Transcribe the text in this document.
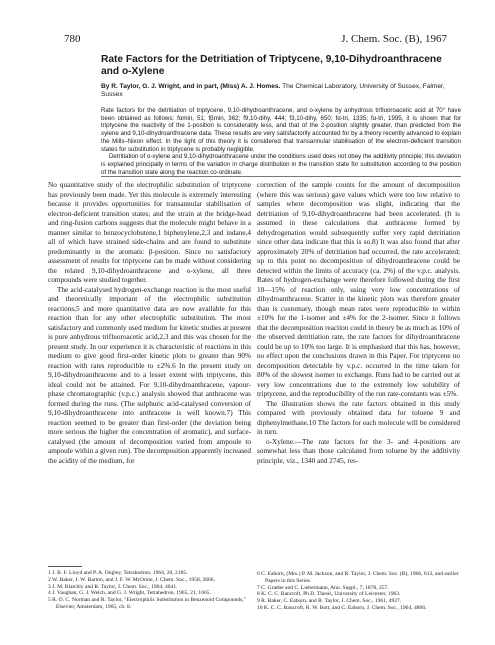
780	J. Chem. Soc. (B), 1967
Rate Factors for the Detritiation of Triptycene, 9,10-Dihydroanthracene and o-Xylene
By R. Taylor, G. J. Wright, and in part, (Miss) A. J. Homes. The Chemical Laboratory, University of Sussex, Falmer, Sussex

Rate factors for the detritiation of triptycene, 9,10-dihydroanthracene, and o-xylene by anhydrous trifluoroacetic acid at 70° have been obtained as follows: fαmin, 51; fβmin, 362; f9,10-dihy, 444; f3,10-dihy, 650; fα-tri, 1335; fα-tri, 1995, it is shown that for triptycene the reactivity of the 1-position is considerably less, and that of the 2-position slightly greater, than predicted from the xylene and 9,10-dihydroanthracene data. These results are very satisfactorily accounted for by a theory recently advanced to explain the Mills–Nixon effect. In the light of this theory it is considered that transannular stabilisation of the electron-deficient transition states for substitution in triptycene is probably negligible.

Detritiation of o-xylene and 9,10-dihydroanthracene under the conditions used does not obey the additivity principle; this deviation is explained principally in terms of the variation in charge distribution in the transition state for substitution according to the position of the transition state along the reaction co-ordinate.

No quantitative study of the electrophilic substitution of triptycene has previously been made. Yet this molecule is extremely interesting because it provides opportunities for transannular stabilisation of electron-deficient transition states; and the strain at the bridge-head and ring-fusion carbons suggests that the molecule might behave in a manner similar to benzocyclobutene,1 biphenylene,2,3 and indane,4 all of which have strained side-chains and are found to substitute predominantly in the aromatic β-position. Since no satisfactory assessment of results for triptycene can be made without considering the related 9,10-dihydroanthracene and o-xylene, all three compounds were studied together.

The acid-catalysed hydrogen-exchange reaction is the most useful and theoretically important of the electrophilic substitution reactions,5 and more quantitative data are now available for this reaction than for any other electrophilic substitution. The most satisfactory and commonly used medium for kinetic studies at present is pure anhydrous trifluoroacetic acid,2,3 and this was chosen for the present study. In our experience it is characteristic of reactions in this medium to give good first-order kinetic plots to greater than 90% reaction with rates reproducible to ±2%.6 In the present study on 9,10-dihydroanthracene and to a lesser extent with triptycene, this ideal could not be attained. For 9,10-dihydroanthracene, vapour-phase chromatographic (v.p.c.) analysis showed that anthracene was formed during the runs. (The sulphuric acid-catalysed conversion of 9,10-dihydroanthracene into anthracene is well known.7) This reaction seemed to be greater than first-order (the deviation being more serious the higher the concentration of aromatic), and surface-catalysed (the amount of decomposition varied from ampoule to ampoule within a given run). The decomposition apparently increased the acidity of the medium, for

correction of the sample counts for the amount of decomposition (where this was serious) gave values which were too low relative to samples where decomposition was slight, indicating that the detritiation of 9,10-dihydroanthracene had been accelerated. (It is assumed in these calculations that anthracene formed by dehydrogenation would subsequently suffer very rapid detritiation since other data indicate that this is so.8) It was also found that after approximately 20% of detritiation had occurred, the rate accelerated; up to this point no decomposition of dihydroanthracene could be detected within the limits of accuracy (ca. 2%) of the v.p.c. analysis. Rates of hydrogen-exchange were therefore followed during the first 10—15% of reaction only, using very low concentrations of dihydroanthracene. Scatter in the kinetic plots was therefore greater than is customary, though mean rates were reproducible to within ±10% for the 1-isomer and ±4% for the 2-isomer. Since it follows that the decomposition reaction could in theory be as much as 10% of the observed detritiation rate, the rate factors for dihydroanthracene could be up to 10% too large. It is emphasised that this has, however, no effect upon the conclusions drawn in this Paper. For triptycene no decomposition detectable by v.p.c. occurred in the time taken for 80% of the slowest isomer to exchange. Runs had to be carried out at very low concentrations due to the extremely low solubility of triptycene, and the reproducibility of the run rate-constants was ±5%.

The illustration shows the rate factors obtained in this study compared with previously obtained data for toluene 9 and diphenylmethane.10 The factors for each molecule will be considered in turn.

o-Xylene.—The rate factors for the 3- and 4-positions are somewhat less than those calculated from toluene by the additivity principle, viz., 1340 and 2745, res-

1 J. B. F. Lloyd and P. A. Ongley, Tetrahedron, 1964, 20, 2185.
2 W. Baker, J. W. Barton, and J. F. W. McOmie, J. Chem. Soc., 1958, 2666.
3 J. M. Blatchly and R. Taylor, J. Chem. Soc., 1964, 4641.
4 J. Vaughan, G. J. Welch, and G. J. Wright, Tetrahedron, 1965, 21, 1665.
5 R. O. C. Norman and R. Taylor, "Electrophilic Substitution in Benzenoid Compounds," Elsevier, Amsterdam, 1965, ch. 8.
6 C. Eaborn, (Mrs.) P. M. Jackson, and R. Taylor, J. Chem. Soc. (B), 1966, 613, and earlier Papers in this Series.
7 C. Graebe and C. Liebermann, Ann. Suppl., 7, 1870, 257.
8 K. C. C. Bancroft, Ph.D. Thesis, University of Leicester, 1963.
9 R. Baker, C. Eaborn, and R. Taylor, J. Chem. Soc., 1961, 4927.
10 K. C. C. Bancroft, R. W. Bott, and C. Eaborn, J. Chem. Soc., 1964, 4806.
